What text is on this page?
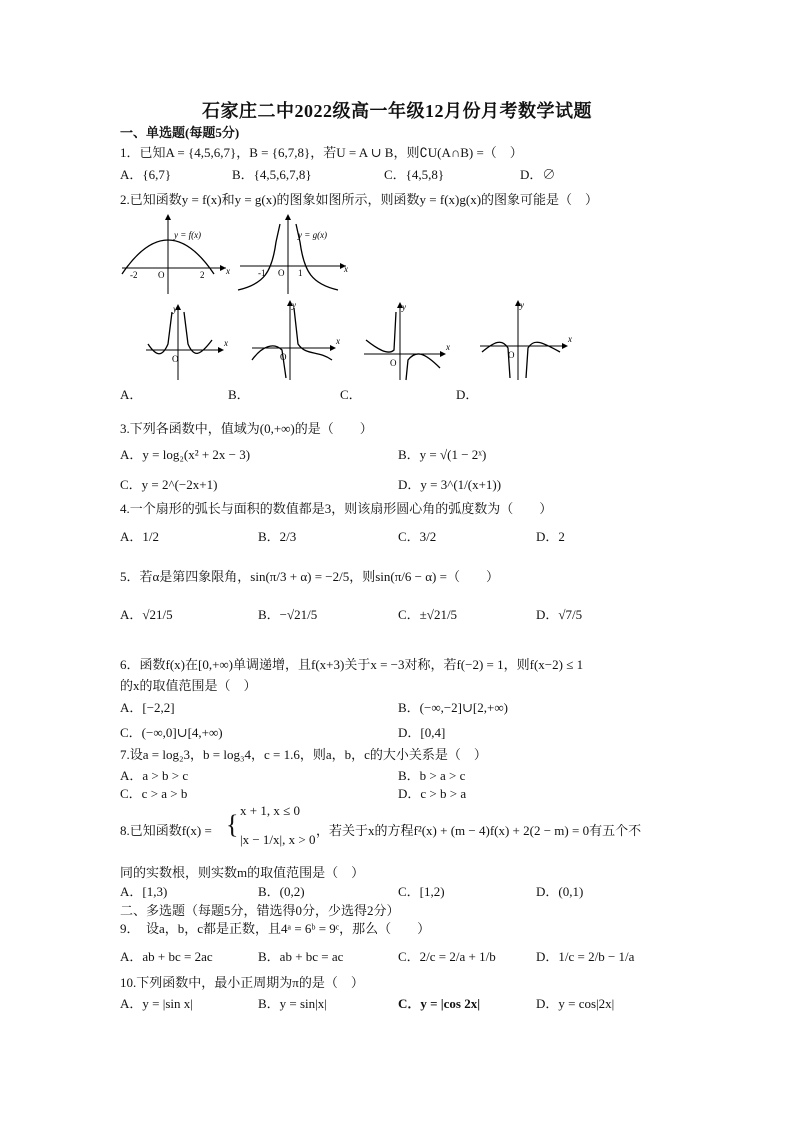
石家庄二中2022级高一年级12月份月考数学试题
一、单选题(每题5分)
1．已知A = {4,5,6,7}，B = {6,7,8}，若U = A ∪ B，则∁U(A∩B) =（　）
A．{6,7}	B．{4,5,6,7,8}	C．{4,5,8}	D．∅
2.已知函数y = f(x)和y = g(x)的图象如图所示，则函数y = f(x)g(x)的图象可能是（　）
y = f(x)
-2 O	2 x
y = g(x)
-1 O 1	x
O
x
y
O
x
y
O
x
y
O
x
y
A．	B．	C．	D．
3.下列各函数中，值域为(0,+∞)的是（　　）
A．y = log₂(x² + 2x − 3)	B．y = √(1 − 2ˣ)
C．y = 2^(−2x+1)	D．y = 3^(1/(x+1))
4.一个扇形的弧长与面积的数值都是3，则该扇形圆心角的弧度数为（　　）
A．1/2	B．2/3	C．3/2	D．2
5．若α是第四象限角，sin(π/3 + α) = −2/5，则sin(π/6 − α) =（　　）
A．√21/5	B．−√21/5	C．±√21/5	D．√7/5
6．函数f(x)在[0,+∞)单调递增，且f(x+3)关于x = −3对称，若f(−2) = 1，则f(x−2) ≤ 1
的x的取值范围是（　）
A．[−2,2]	B．(−∞,−2]∪[2,+∞)
C．(−∞,0]∪[4,+∞)	D．[0,4]
7.设a = log₂3，b = log₃4，c = 1.6，则a，b，c的大小关系是（　）
A．a > b > c	B．b > a > c
C．c > a > b	D．c > b > a
8.已知函数f(x) = { x + 1, x ≤ 0
|x − 1/x|, x > 0
，若关于x的方程f²(x) + (m − 4)f(x) + 2(2 − m) = 0有五个不
同的实数根，则实数m的取值范围是（　）
A．[1,3)	B．(0,2)	C．[1,2)	D．(0,1)
二、多选题（每题5分，错选得0分，少选得2分）
9．　设a，b，c都是正数，且4ᵃ = 6ᵇ = 9ᶜ，那么（　　）
A．ab + bc = 2ac	B．ab + bc = ac	C．2/c = 2/a + 1/b	D．1/c = 2/b − 1/a
10.下列函数中，最小正周期为π的是（　）
A．y = |sin x|	B．y = sin|x|	C．y = |cos 2x|	D．y = cos|2x|
